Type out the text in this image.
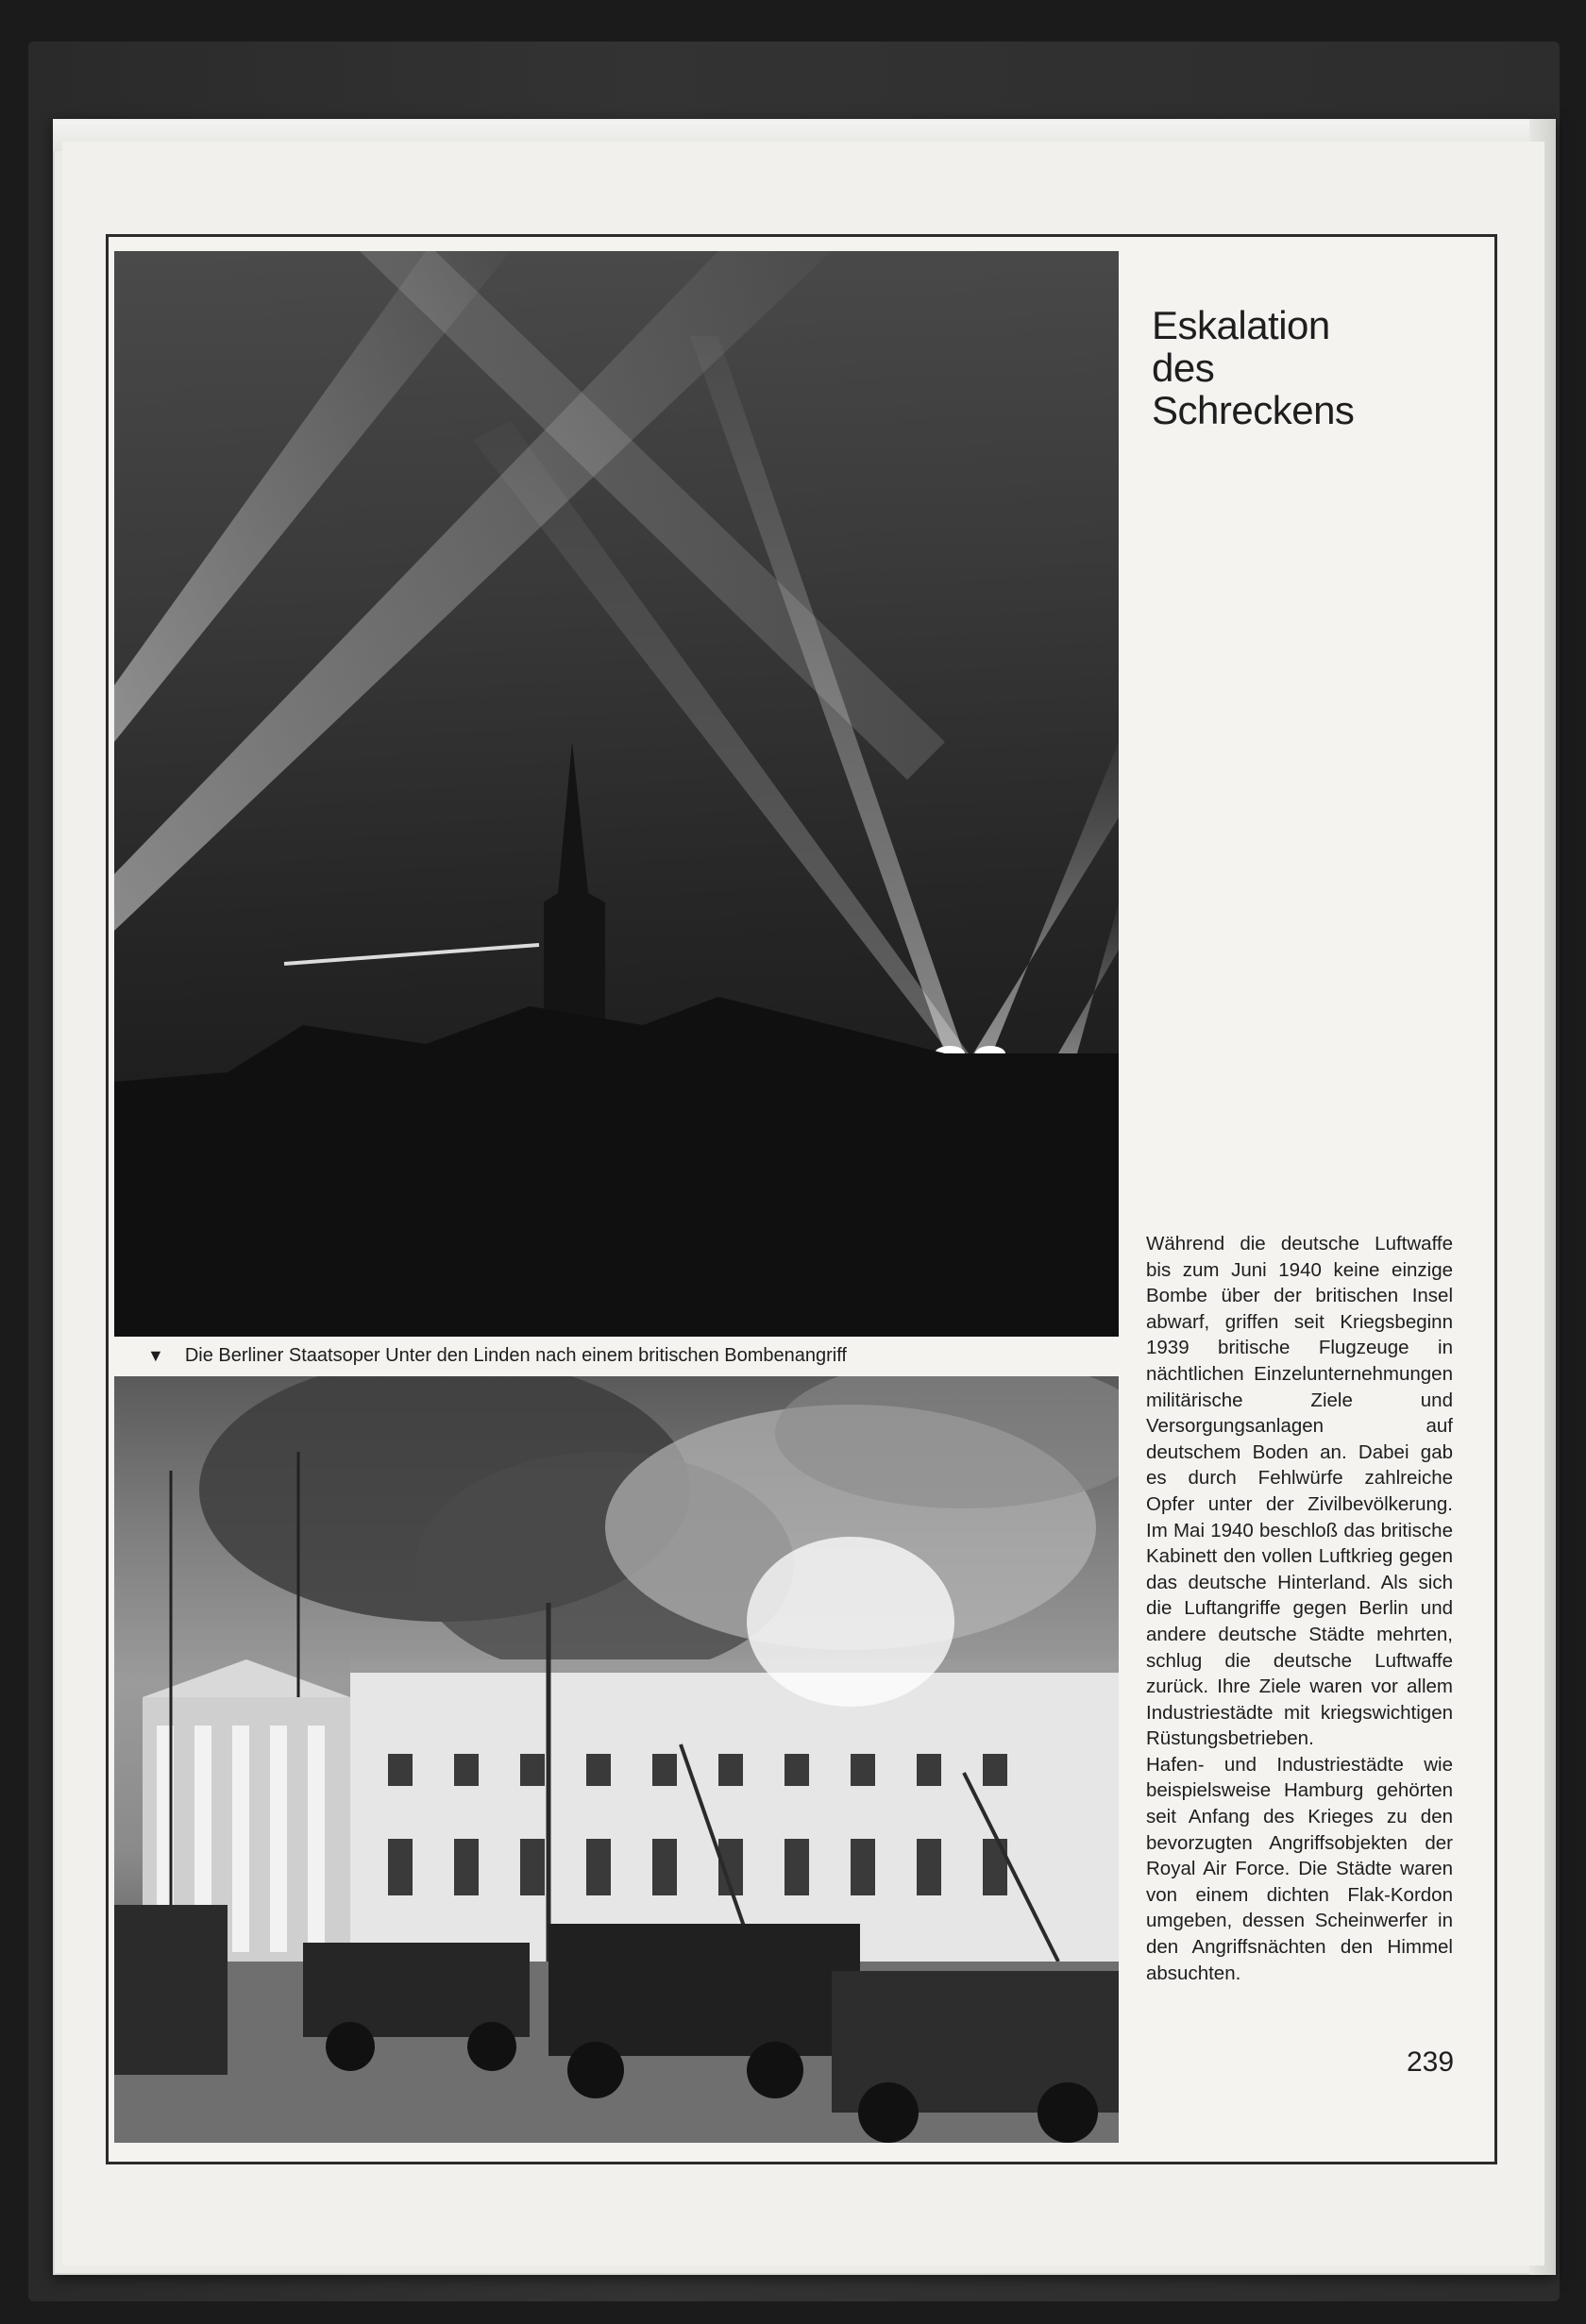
▼ Die Berliner Staatsoper Unter den Linden nach einem britischen Bombenangriff
Eskalation
des
Schreckens

Während die deutsche Luftwaffe bis zum Juni 1940 keine einzige Bombe über der britischen Insel abwarf, griffen seit Kriegsbeginn 1939 britische Flugzeuge in nächtlichen Einzelunternehmungen militärische Ziele und Versorgungsanlagen auf deutschem Boden an. Dabei gab es durch Fehlwürfe zahlreiche Opfer unter der Zivilbevölkerung. Im Mai 1940 beschloß das britische Kabinett den vollen Luftkrieg gegen das deutsche Hinterland. Als sich die Luftangriffe gegen Berlin und andere deutsche Städte mehrten, schlug die deutsche Luftwaffe zurück. Ihre Ziele waren vor allem Industriestädte mit kriegswichtigen Rüstungsbetrieben.

Hafen- und Industriestädte wie beispielsweise Hamburg gehörten seit Anfang des Krieges zu den bevorzugten Angriffsobjekten der Royal Air Force. Die Städte waren von einem dichten Flak-Kordon umgeben, dessen Scheinwerfer in den Angriffsnächten den Himmel absuchten.

239
